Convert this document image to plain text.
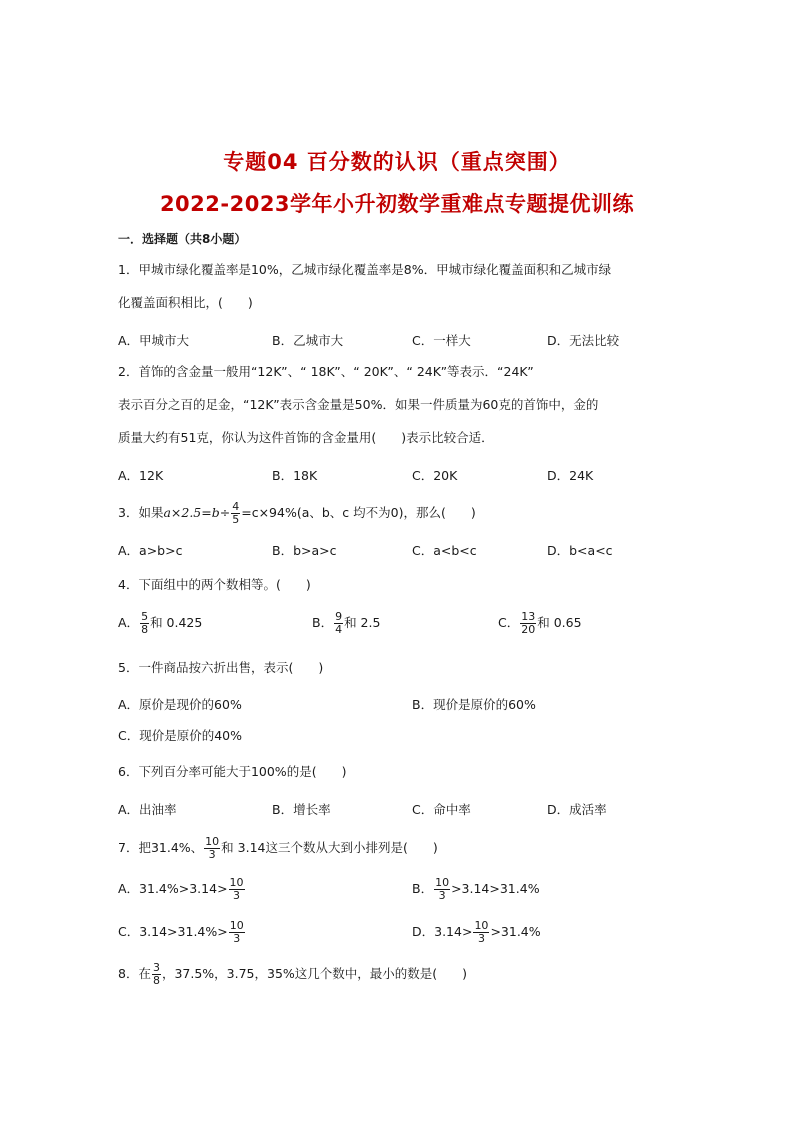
专题04 百分数的认识（重点突围）
2022-2023学年小升初数学重难点专题提优训练
一．选择题（共8小题）
1．甲城市绿化覆盖率是10%，乙城市绿化覆盖率是8%．甲城市绿化覆盖面积和乙城市绿
化覆盖面积相比，(　　)
A．甲城市大	B．乙城市大	C．一样大	D．无法比较
2．首饰的含金量一般用“12K”、“ 18K”、“ 20K”、“ 24K”等表示．“24K”
表示百分之百的足金，“12K”表示含金量是50%．如果一件质量为60克的首饰中，金的
质量大约有51克，你认为这件首饰的含金量用(　　)表示比较合适．
A．12K	B．18K	C．20K	D．24K
3．如果$a\times 2.5=b\div \frac{4}{5} =c\times 94\%(a$、b、c 均不为0)，那么(　　)
A．a>b>c	B．b>a>c	C．a<b<c	D．b<a<c
4．下面组中的两个数相等。(　　)
A． $\frac{5}{8}$ 和 0.425	B． $\frac{9}{4}$ 和 2.5	C． $\frac{13}{20}$ 和 0.65
5．一件商品按六折出售，表示(　　)
A．原价是现价的60%	B．现价是原价的60%
C．现价是原价的40%
6．下列百分率可能大于100%的是(　　)
A．出油率	B．增长率	C．命中率	D．成活率
7．把31.4%、 $\frac{10}{3}$ 和 3.14这三个数从大到小排列是(　　)
A．$31.4\%>3.14> \frac{10}{3}$	B． $\frac{10}{3} >3.14>31.4\%$
C．$3.14>31.4\%> \frac{10}{3}$	D．$3.14> \frac{10}{3} >31.4\%$
8．在 $\frac{3}{8}$ ，37.5%，3.75，35%这几个数中，最小的数是(　　)
